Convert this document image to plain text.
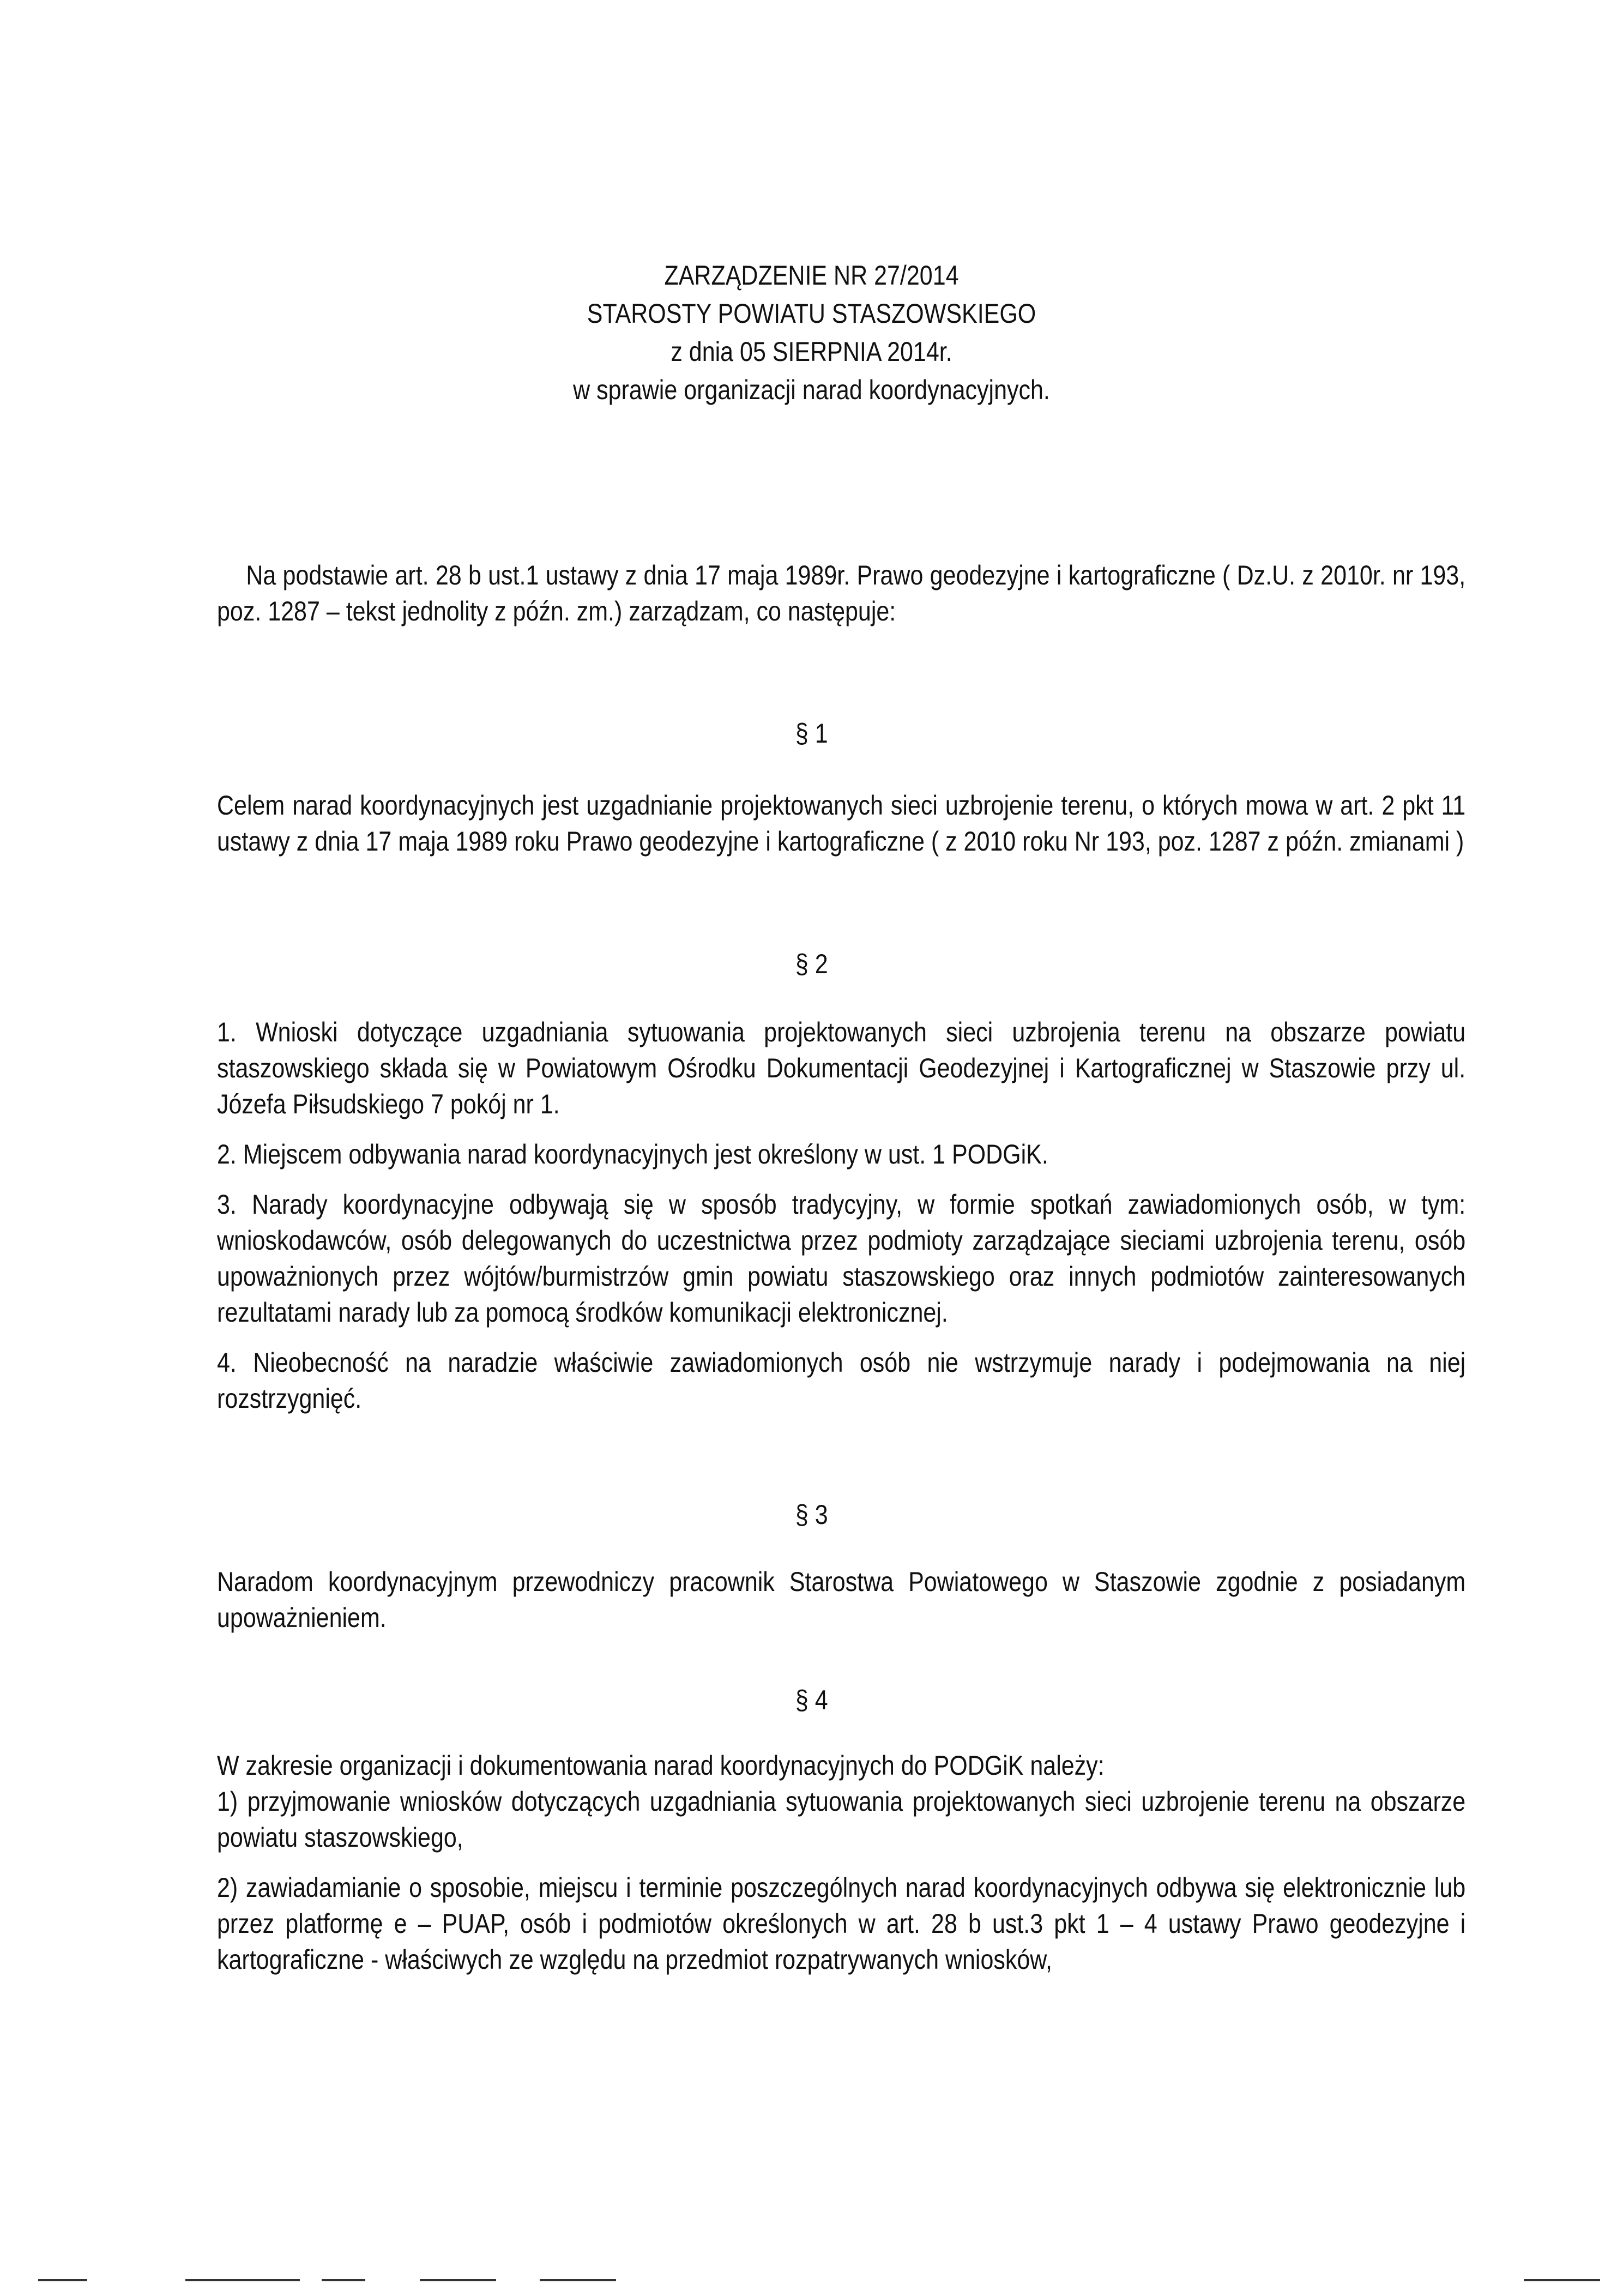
ZARZĄDZENIE NR 27/2014
STAROSTY POWIATU STASZOWSKIEGO
z dnia 05 SIERPNIA 2014r.
w sprawie organizacji narad koordynacyjnych.

Na podstawie art. 28 b ust.1 ustawy z dnia 17 maja 1989r. Prawo geodezyjne i kartograficzne ( Dz.U. z 2010r. nr 193, poz. 1287 – tekst jednolity z późn. zm.) zarządzam, co następuje:

§ 1

Celem narad koordynacyjnych jest uzgadnianie projektowanych sieci uzbrojenie terenu, o których mowa w art. 2 pkt 11 ustawy z dnia 17 maja 1989 roku Prawo geodezyjne i kartograficzne ( z 2010 roku Nr 193, poz. 1287 z późn. zmianami )

§ 2

1. Wnioski dotyczące uzgadniania sytuowania projektowanych sieci uzbrojenia terenu na obszarze powiatu staszowskiego składa się w Powiatowym Ośrodku Dokumentacji Geodezyjnej i Kartograficznej w Staszowie przy ul. Józefa Piłsudskiego 7 pokój nr 1.

2. Miejscem odbywania narad koordynacyjnych jest określony w ust. 1 PODGiK.

3. Narady koordynacyjne odbywają się w sposób tradycyjny, w formie spotkań zawiadomionych osób, w tym: wnioskodawców, osób delegowanych do uczestnictwa przez podmioty zarządzające sieciami uzbrojenia terenu, osób upoważnionych przez wójtów/burmistrzów gmin powiatu staszowskiego oraz innych podmiotów zainteresowanych rezultatami narady lub za pomocą środków komunikacji elektronicznej.

4. Nieobecność na naradzie właściwie zawiadomionych osób nie wstrzymuje narady i podejmowania na niej rozstrzygnięć.

§ 3

Naradom koordynacyjnym przewodniczy pracownik Starostwa Powiatowego w Staszowie zgodnie z posiadanym upoważnieniem.

§ 4

W zakresie organizacji i dokumentowania narad koordynacyjnych do PODGiK należy:

1) przyjmowanie wniosków dotyczących uzgadniania sytuowania projektowanych sieci uzbrojenie terenu na obszarze powiatu staszowskiego,

2) zawiadamianie o sposobie, miejscu i terminie poszczególnych narad koordynacyjnych odbywa się elektronicznie lub przez platformę e – PUAP, osób i podmiotów określonych w art. 28 b ust.3 pkt 1 – 4 ustawy Prawo geodezyjne i kartograficzne - właściwych ze względu na przedmiot rozpatrywanych wniosków,
